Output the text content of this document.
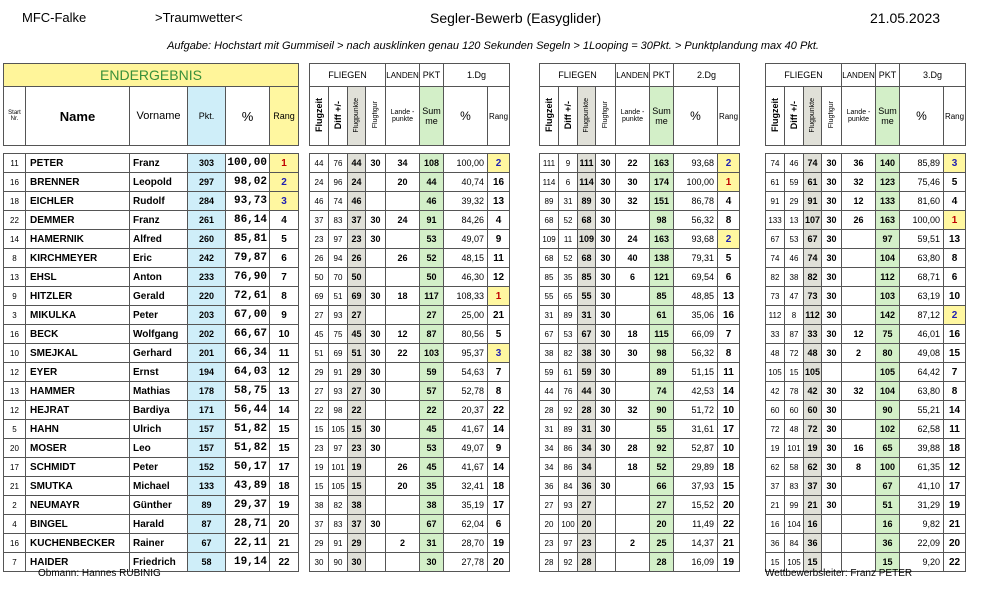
MFC-Falke	>Traumwetter<	Segler-Bewerb (Easyglider)	21.05.2023
Aufgabe: Hochstart mit Gummiseil > nach ausklinken genau 120 Sekunden Segeln > 1Looping = 30Pkt. > Punktplandung max 40 Pkt.
ENDERGEBNIS					
Start Nr.	Name	Vorname	Pkt.	%	Rang

11	PETER	Franz	303	100,00	1
16	BRENNER	Leopold	297	98,02	2
18	EICHLER	Rudolf	284	93,73	3
22	DEMMER	Franz	261	86,14	4
14	HAMERNIK	Alfred	260	85,81	5
8	KIRCHMEYER	Eric	242	79,87	6
13	EHSL	Anton	233	76,90	7
9	HITZLER	Gerald	220	72,61	8
3	MIKULKA	Peter	203	67,00	9
16	BECK	Wolfgang	202	66,67	10
10	SMEJKAL	Gerhard	201	66,34	11
12	EYER	Ernst	194	64,03	12
13	HAMMER	Mathias	178	58,75	13
12	HEJRAT	Bardiya	171	56,44	14
5	HAHN	Ulrich	157	51,82	15
20	MOSER	Leo	157	51,82	15
17	SCHMIDT	Peter	152	50,17	17
21	SMUTKA	Michael	133	43,89	18
2	NEUMAYR	Günther	89	29,37	19
4	BINGEL	Harald	87	28,71	20
16	KUCHENBECKER	Rainer	67	22,11	21
7	HAIDER	Friedrich	58	19,14	22
FLIEGEN				LANDEN	PKT	1.Dg	
Flugzeit	Diff +/-	Flugpunkte	Flugfigur	Lande - punkte	Sum me	%	Rang

44	76	44	30	34	108	100,00	2
24	96	24		20	44	40,74	16
46	74	46			46	39,32	13
37	83	37	30	24	91	84,26	4
23	97	23	30		53	49,07	9
26	94	26		26	52	48,15	11
50	70	50			50	46,30	12
69	51	69	30	18	117	108,33	1
27	93	27			27	25,00	21
45	75	45	30	12	87	80,56	5
51	69	51	30	22	103	95,37	3
29	91	29	30		59	54,63	7
27	93	27	30		57	52,78	8
22	98	22			22	20,37	22
15	105	15	30		45	41,67	14
23	97	23	30		53	49,07	9
19	101	19		26	45	41,67	14
15	105	15		20	35	32,41	18
38	82	38			38	35,19	17
37	83	37	30		67	62,04	6
29	91	29		2	31	28,70	19
30	90	30			30	27,78	20
FLIEGEN				LANDEN	PKT	2.Dg	
Flugzeit	Diff +/-	Flugpunkte	Flugfigur	Lande - punkte	Sum me	%	Rang

111	9	111	30	22	163	93,68	2
114	6	114	30	30	174	100,00	1
89	31	89	30	32	151	86,78	4
68	52	68	30		98	56,32	8
109	11	109	30	24	163	93,68	2
68	52	68	30	40	138	79,31	5
85	35	85	30	6	121	69,54	6
55	65	55	30		85	48,85	13
31	89	31	30		61	35,06	16
67	53	67	30	18	115	66,09	7
38	82	38	30	30	98	56,32	8
59	61	59	30		89	51,15	11
44	76	44	30		74	42,53	14
28	92	28	30	32	90	51,72	10
31	89	31	30		55	31,61	17
34	86	34	30	28	92	52,87	10
34	86	34		18	52	29,89	18
36	84	36	30		66	37,93	15
27	93	27			27	15,52	20
20	100	20			20	11,49	22
23	97	23		2	25	14,37	21
28	92	28			28	16,09	19
FLIEGEN				LANDEN	PKT	3.Dg	
Flugzeit	Diff +/-	Flugpunkte	Flugfigur	Lande - punkte	Sum me	%	Rang

74	46	74	30	36	140	85,89	3
61	59	61	30	32	123	75,46	5
91	29	91	30	12	133	81,60	4
133	13	107	30	26	163	100,00	1
67	53	67	30		97	59,51	13
74	46	74	30		104	63,80	8
82	38	82	30		112	68,71	6
73	47	73	30		103	63,19	10
112	8	112	30		142	87,12	2
33	87	33	30	12	75	46,01	16
48	72	48	30	2	80	49,08	15
105	15	105			105	64,42	7
42	78	42	30	32	104	63,80	8
60	60	60	30		90	55,21	14
72	48	72	30		102	62,58	11
19	101	19	30	16	65	39,88	18
62	58	62	30	8	100	61,35	12
37	83	37	30		67	41,10	17
21	99	21	30		51	31,29	19
16	104	16			16	9,82	21
36	84	36			36	22,09	20
15	105	15			15	9,20	22
Obmann: Hannes RUBINIG	Wettbewerbsleiter: Franz PETER
